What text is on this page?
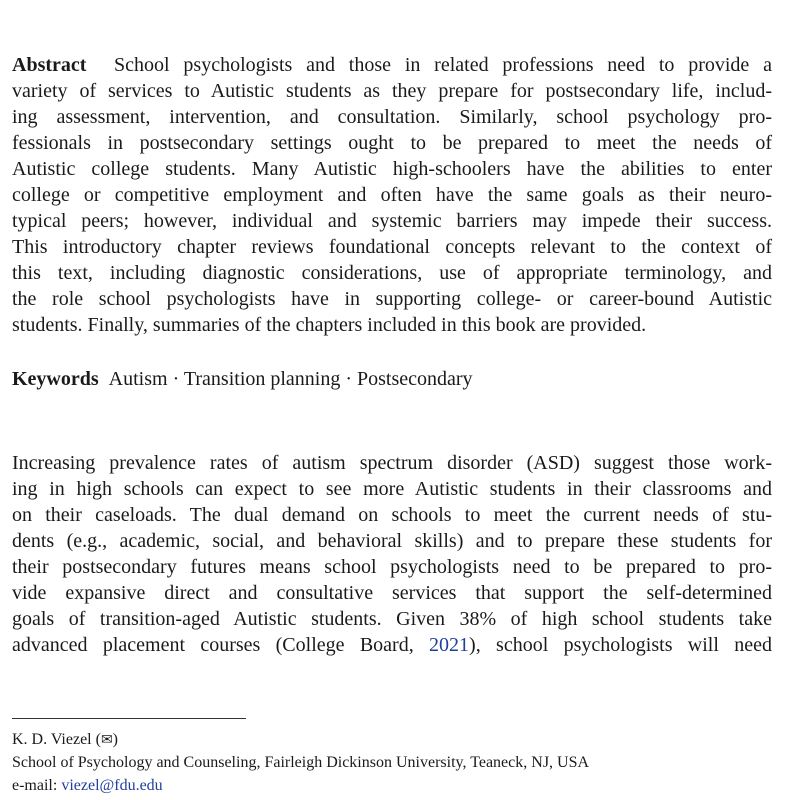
Abstract School psychologists and those in related professions need to provide a
variety of services to Autistic students as they prepare for postsecondary life, includ-
ing assessment, intervention, and consultation. Similarly, school psychology pro-
fessionals in postsecondary settings ought to be prepared to meet the needs of
Autistic college students. Many Autistic high-schoolers have the abilities to enter
college or competitive employment and often have the same goals as their neuro-
typical peers; however, individual and systemic barriers may impede their success.
This introductory chapter reviews foundational concepts relevant to the context of
this text, including diagnostic considerations, use of appropriate terminology, and
the role school psychologists have in supporting college- or career-bound Autistic
students. Finally, summaries of the chapters included in this book are provided.
Keywords Autism · Transition planning · Postsecondary
Increasing prevalence rates of autism spectrum disorder (ASD) suggest those work-
ing in high schools can expect to see more Autistic students in their classrooms and
on their caseloads. The dual demand on schools to meet the current needs of stu-
dents (e.g., academic, social, and behavioral skills) and to prepare these students for
their postsecondary futures means school psychologists need to be prepared to pro-
vide expansive direct and consultative services that support the self-determined
goals of transition-aged Autistic students. Given 38% of high school students take
advanced placement courses (College Board, 2021), school psychologists will need
K. D. Viezel (✉)
School of Psychology and Counseling, Fairleigh Dickinson University, Teaneck, NJ, USA
e-mail: viezel@fdu.edu
